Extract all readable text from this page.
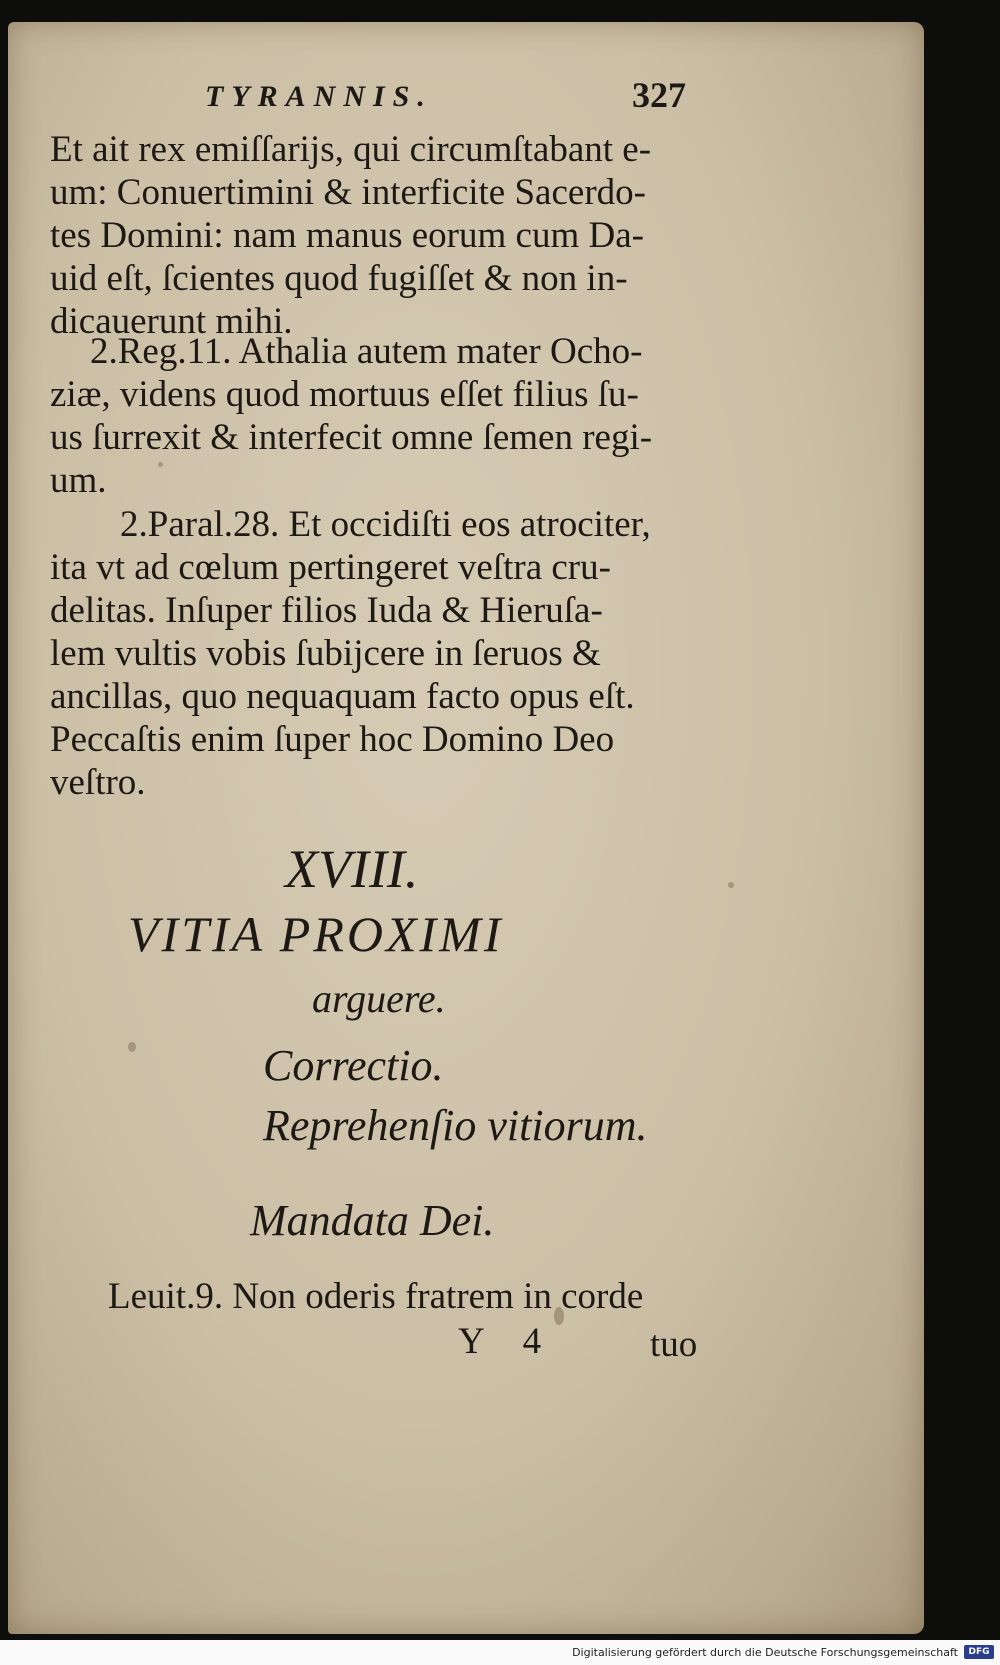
TYRANNIS.	327
Et ait rex emiſſarijs, qui circumſtabant e-
um: Conuertimini & interficite Sacerdo-
tes Domini: nam manus eorum cum Da-
uid eſt, ſcientes quod fugiſſet & non in-
dicauerunt mihi.
2.Reg.11. Athalia autem mater Ocho-
ziæ, videns quod mortuus eſſet filius ſu-
us ſurrexit & interfecit omne ſemen regi-
um.
2.Paral.28. Et occidiſti eos atrociter,
ita vt ad cœlum pertingeret veſtra cru-
delitas. Inſuper filios Iuda & Hieruſa-
lem vultis vobis ſubijcere in ſeruos &
ancillas, quo nequaquam facto opus eſt.
Peccaſtis enim ſuper hoc Domino Deo
veſtro.
XVIII.
VITIA PROXIMI
arguere.
Correctio.
Reprehenſio vitiorum.
Mandata Dei.
Leuit.9. Non oderis fratrem in corde
Y 4	tuo
Digitalisierung gefördert durch die Deutsche Forschungsgemeinschaft	DFG
